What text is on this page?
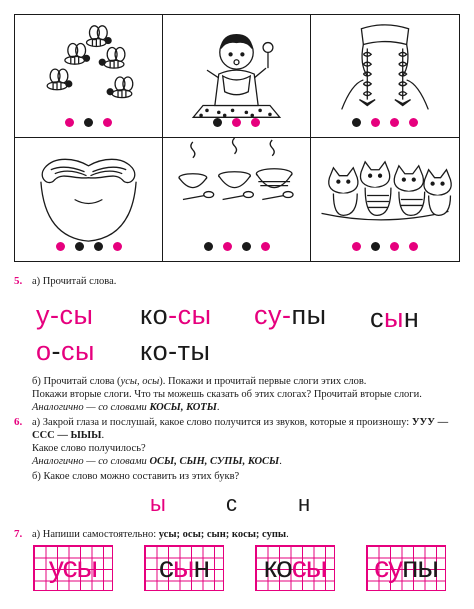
5. а) Прочитай слова.
у-сы ко-сы су-пы сын
о-сы ко-ты
б) Прочитай слова (усы, осы). Покажи и прочитай первые слоги этих слов.
Покажи вторые слоги. Что ты можешь сказать об этих слогах? Прочитай вторые слоги.
Аналогично — со словами КОСЫ, КОТЫ.
6. а) Закрой глаза и послушай, какое слово получится из звуков, которые я произношу: УУУ —
ССС — ЫЫЫ.
Какое слово получилось?
Аналогично — со словами ОСЫ, СЫН, СУПЫ, КОСЫ.
б) Какое слово можно составить из этих букв?
ы	с	н
7. а) Напиши самостоятельно: усы; осы; сын; косы; супы.
усы	сын	косы супы
